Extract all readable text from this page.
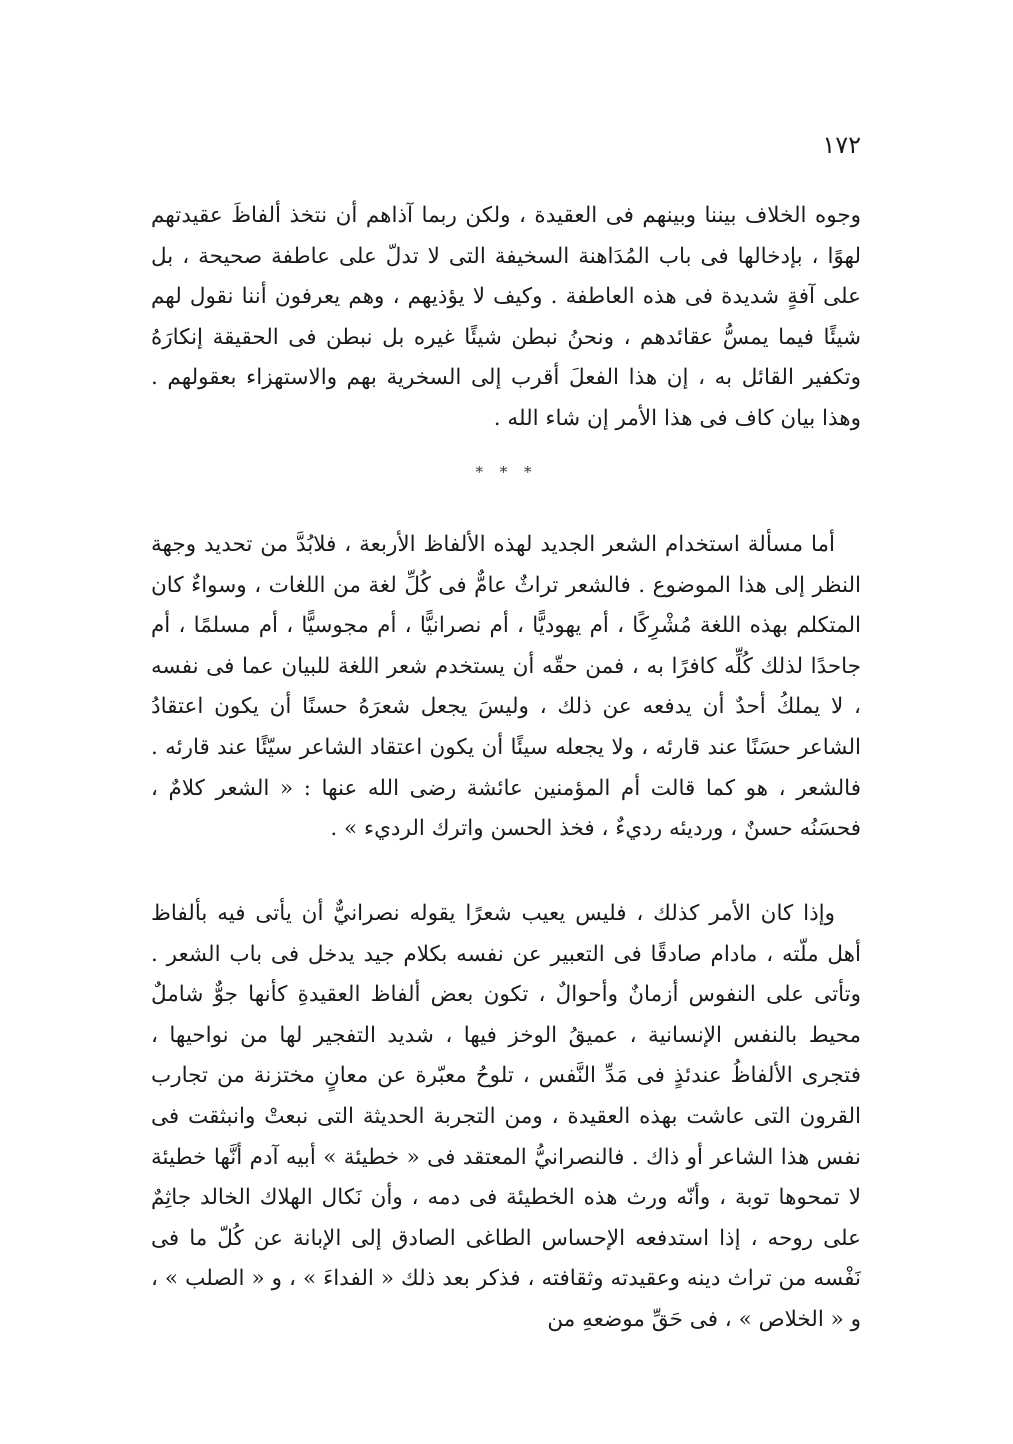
١٧٢

وجوه الخلاف بيننا وبينهم فى العقيدة ، ولكن ربما آذاهم أن نتخذ ألفاظَ عقيدتهم لهوًا ، بإدخالها فى باب المُدَاهنة السخيفة التى لا تدلّ على عاطفة صحيحة ، بل على آفةٍ شديدة فى هذه العاطفة . وكيف لا يؤذيهم ، وهم يعرفون أننا نقول لهم شيئًا فيما يمسُّ عقائدهم ، ونحنُ نبطن شيئًا غيره بل نبطن فى الحقيقة إنكارَهُ وتكفير القائل به ، إن هذا الفعلَ أقرب إلى السخرية بهم والاستهزاء بعقولهم . وهذا بيان كاف فى هذا الأمر إن شاء الله .

* * *

أما مسألة استخدام الشعر الجديد لهذه الألفاظ الأربعة ، فلابُدَّ من تحديد وجهة النظر إلى هذا الموضوع . فالشعر تراثٌ عامٌّ فى كُلِّ لغة من اللغات ، وسواءٌ كان المتكلم بهذه اللغة مُشْرِكًا ، أم يهوديًّا ، أم نصرانيًّا ، أم مجوسيًّا ، أم مسلمًا ، أم جاحدًا لذلك كُلِّه كافرًا به ، فمن حقّه أن يستخدم شعر اللغة للبيان عما فى نفسه ، لا يملكُ أحدٌ أن يدفعه عن ذلك ، وليسَ يجعل شعرَهُ حسنًا أن يكون اعتقادُ الشاعر حسَنًا عند قارئه ، ولا يجعله سيئًا أن يكون اعتقاد الشاعر سيّئًا عند قارئه . فالشعر ، هو كما قالت أم المؤمنين عائشة رضى الله عنها : « الشعر كلامٌ ، فحسَنُه حسنٌ ، ورديئه رديءٌ ، فخذ الحسن واترك الرديء » .

وإذا كان الأمر كذلك ، فليس يعيب شعرًا يقوله نصرانيٌّ أن يأتى فيه بألفاظ أهل ملّته ، مادام صادقًا فى التعبير عن نفسه بكلام جيد يدخل فى باب الشعر . وتأتى على النفوس أزمانٌ وأحوالٌ ، تكون بعض ألفاظ العقيدةِ كأنها جوٌّ شاملٌ محيط بالنفس الإنسانية ، عميقُ الوخز فيها ، شديد التفجير لها من نواحيها ، فتجرى الألفاظُ عندئذٍ فى مَدِّ النَّفس ، تلوحُ معبّرة عن معانٍ مختزنة من تجارب القرون التى عاشت بهذه العقيدة ، ومن التجربة الحديثة التى نبعتْ وانبثقت فى نفس هذا الشاعر أو ذاك . فالنصرانيُّ المعتقد فى « خطيئة » أبيه آدم أنَّها خطيئة لا تمحوها توبة ، وأنّه ورث هذه الخطيئة فى دمه ، وأن نَكال الهلاك الخالد جاثِمٌ على روحه ، إذا استدفعه الإحساس الطاغى الصادق إلى الإبانة عن كُلّ ما فى نَفْسه من تراث دينه وعقيدته وثقافته ، فذكر بعد ذلك « الفداءَ » ، و « الصلب » ، و « الخلاص » ، فى حَقِّ موضعهِ من
